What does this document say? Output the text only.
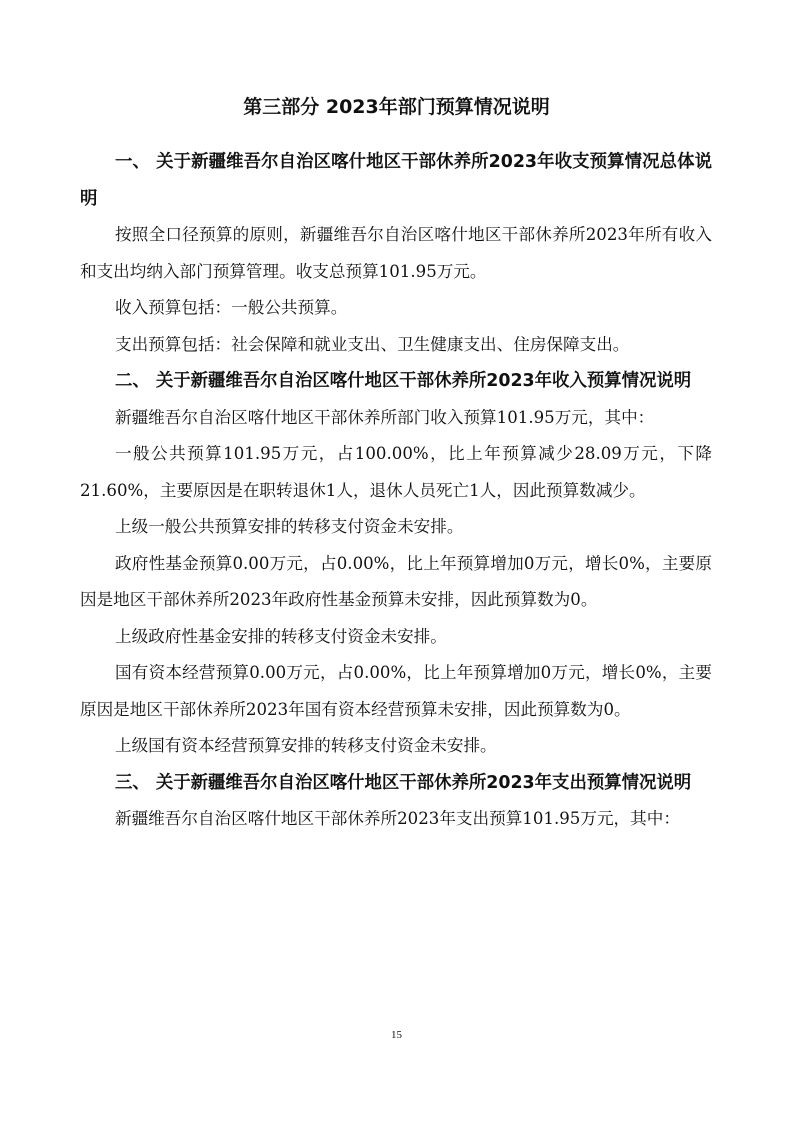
第三部分 2023年部门预算情况说明

一、 关于新疆维吾尔自治区喀什地区干部休养所2023年收支预算情况总体说明

按照全口径预算的原则，新疆维吾尔自治区喀什地区干部休养所2023年所有收入和支出均纳入部门预算管理。收支总预算101.95万元。

收入预算包括：一般公共预算。

支出预算包括：社会保障和就业支出、卫生健康支出、住房保障支出。

二、 关于新疆维吾尔自治区喀什地区干部休养所2023年收入预算情况说明

新疆维吾尔自治区喀什地区干部休养所部门收入预算101.95万元，其中：

一般公共预算101.95万元，占100.00%，比上年预算减少28.09万元，下降21.60%，主要原因是在职转退休1人，退休人员死亡1人，因此预算数减少。

上级一般公共预算安排的转移支付资金未安排。

政府性基金预算0.00万元，占0.00%，比上年预算增加0万元，增长0%，主要原因是地区干部休养所2023年政府性基金预算未安排，因此预算数为0。

上级政府性基金安排的转移支付资金未安排。

国有资本经营预算0.00万元，占0.00%，比上年预算增加0万元，增长0%，主要原因是地区干部休养所2023年国有资本经营预算未安排，因此预算数为0。

上级国有资本经营预算安排的转移支付资金未安排。

三、 关于新疆维吾尔自治区喀什地区干部休养所2023年支出预算情况说明

新疆维吾尔自治区喀什地区干部休养所2023年支出预算101.95万元，其中：

15
